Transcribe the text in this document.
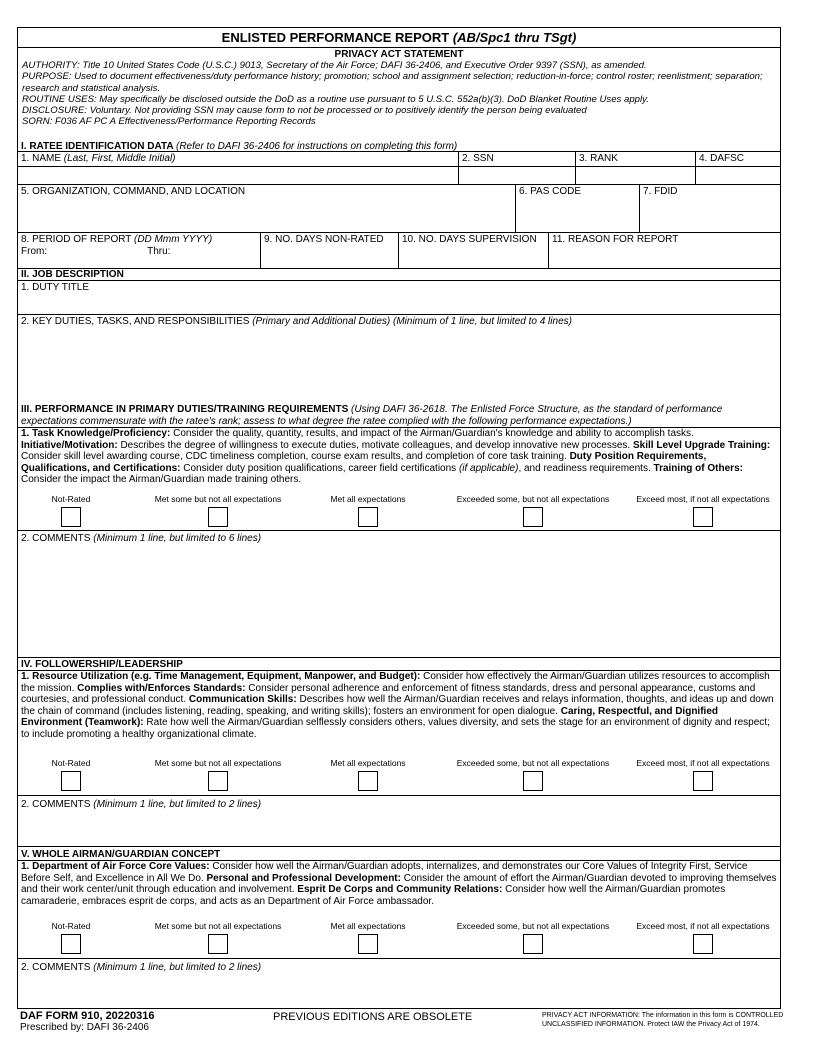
ENLISTED PERFORMANCE REPORT (AB/Spc1 thru TSgt)
PRIVACY ACT STATEMENT

AUTHORITY: Title 10 United States Code (U.S.C.) 9013, Secretary of the Air Force; DAFI 36-2406, and Executive Order 9397 (SSN), as amended.

PURPOSE: Used to document effectiveness/duty performance history; promotion; school and assignment selection; reduction-in-force; control roster; reenlistment; separation; research and statistical analysis.

ROUTINE USES: May specifically be disclosed outside the DoD as a routine use pursuant to 5 U.S.C. 552a(b)(3). DoD Blanket Routine Uses apply.

DISCLOSURE: Voluntary. Not providing SSN may cause form to not be processed or to positively identify the person being evaluated

SORN: F036 AF PC A Effectiveness/Performance Reporting Records

I. RATEE IDENTIFICATION DATA (Refer to DAFI 36-2406 for instructions on completing this form)
1. NAME (Last, First, Middle Initial)	2. SSN	3. RANK	4. DAFSC
5. ORGANIZATION, COMMAND, AND LOCATION	6. PAS CODE	7. FDID
8. PERIOD OF REPORT (DD Mmm YYYY)
From:	Thru:
9. NO. DAYS NON-RATED	10. NO. DAYS SUPERVISION	11. REASON FOR REPORT
II. JOB DESCRIPTION
1. DUTY TITLE
2. KEY DUTIES, TASKS, AND RESPONSIBILITIES (Primary and Additional Duties) (Minimum of 1 line, but limited to 4 lines)
III. PERFORMANCE IN PRIMARY DUTIES/TRAINING REQUIREMENTS (Using DAFI 36-2618. The Enlisted Force Structure, as the standard of performance expectations commensurate with the ratee's rank; assess to what degree the ratee complied with the following performance expectations.)
1. Task Knowledge/Proficiency: Consider the quality, quantity, results, and impact of the Airman/Guardian's knowledge and ability to accomplish tasks. Initiative/Motivation: Describes the degree of willingness to execute duties, motivate colleagues, and develop innovative new processes. Skill Level Upgrade Training: Consider skill level awarding course, CDC timeliness completion, course exam results, and completion of core task training. Duty Position Requirements, Qualifications, and Certifications: Consider duty position qualifications, career field certifications (if applicable), and readiness requirements. Training of Others: Consider the impact the Airman/Guardian made training others.
Not-Rated	Met some but not all expectations	Met all expectations	Exceeded some, but not all expectations	Exceed most, if not all expectations
2. COMMENTS (Minimum 1 line, but limited to 6 lines)
IV. FOLLOWERSHIP/LEADERSHIP
1. Resource Utilization (e.g. Time Management, Equipment, Manpower, and Budget): Consider how effectively the Airman/Guardian utilizes resources to accomplish the mission. Complies with/Enforces Standards: Consider personal adherence and enforcement of fitness standards, dress and personal appearance, customs and courtesies, and professional conduct. Communication Skills: Describes how well the Airman/Guardian receives and relays information, thoughts, and ideas up and down the chain of command (includes listening, reading, speaking, and writing skills); fosters an environment for open dialogue. Caring, Respectful, and Dignified Environment (Teamwork): Rate how well the Airman/Guardian selflessly considers others, values diversity, and sets the stage for an environment of dignity and respect; to include promoting a healthy organizational climate.
Not-Rated	Met some but not all expectations	Met all expectations	Exceeded some, but not all expectations	Exceed most, if not all expectations
2. COMMENTS (Minimum 1 line, but limited to 2 lines)
V. WHOLE AIRMAN/GUARDIAN CONCEPT
1. Department of Air Force Core Values: Consider how well the Airman/Guardian adopts, internalizes, and demonstrates our Core Values of Integrity First, Service Before Self, and Excellence in All We Do. Personal and Professional Development: Consider the amount of effort the Airman/Guardian devoted to improving themselves and their work center/unit through education and involvement. Esprit De Corps and Community Relations: Consider how well the Airman/Guardian promotes camaraderie, embraces esprit de corps, and acts as an Department of Air Force ambassador.
Not-Rated	Met some but not all expectations	Met all expectations	Exceeded some, but not all expectations	Exceed most, if not all expectations
2. COMMENTS (Minimum 1 line, but limited to 2 lines)
DAF FORM 910, 20220316
Prescribed by: DAFI 36-2406
PREVIOUS EDITIONS ARE OBSOLETE	PRIVACY ACT INFORMATION: The information in this form is CONTROLLED UNCLASSIFIED INFORMATION. Protect IAW the Privacy Act of 1974.
